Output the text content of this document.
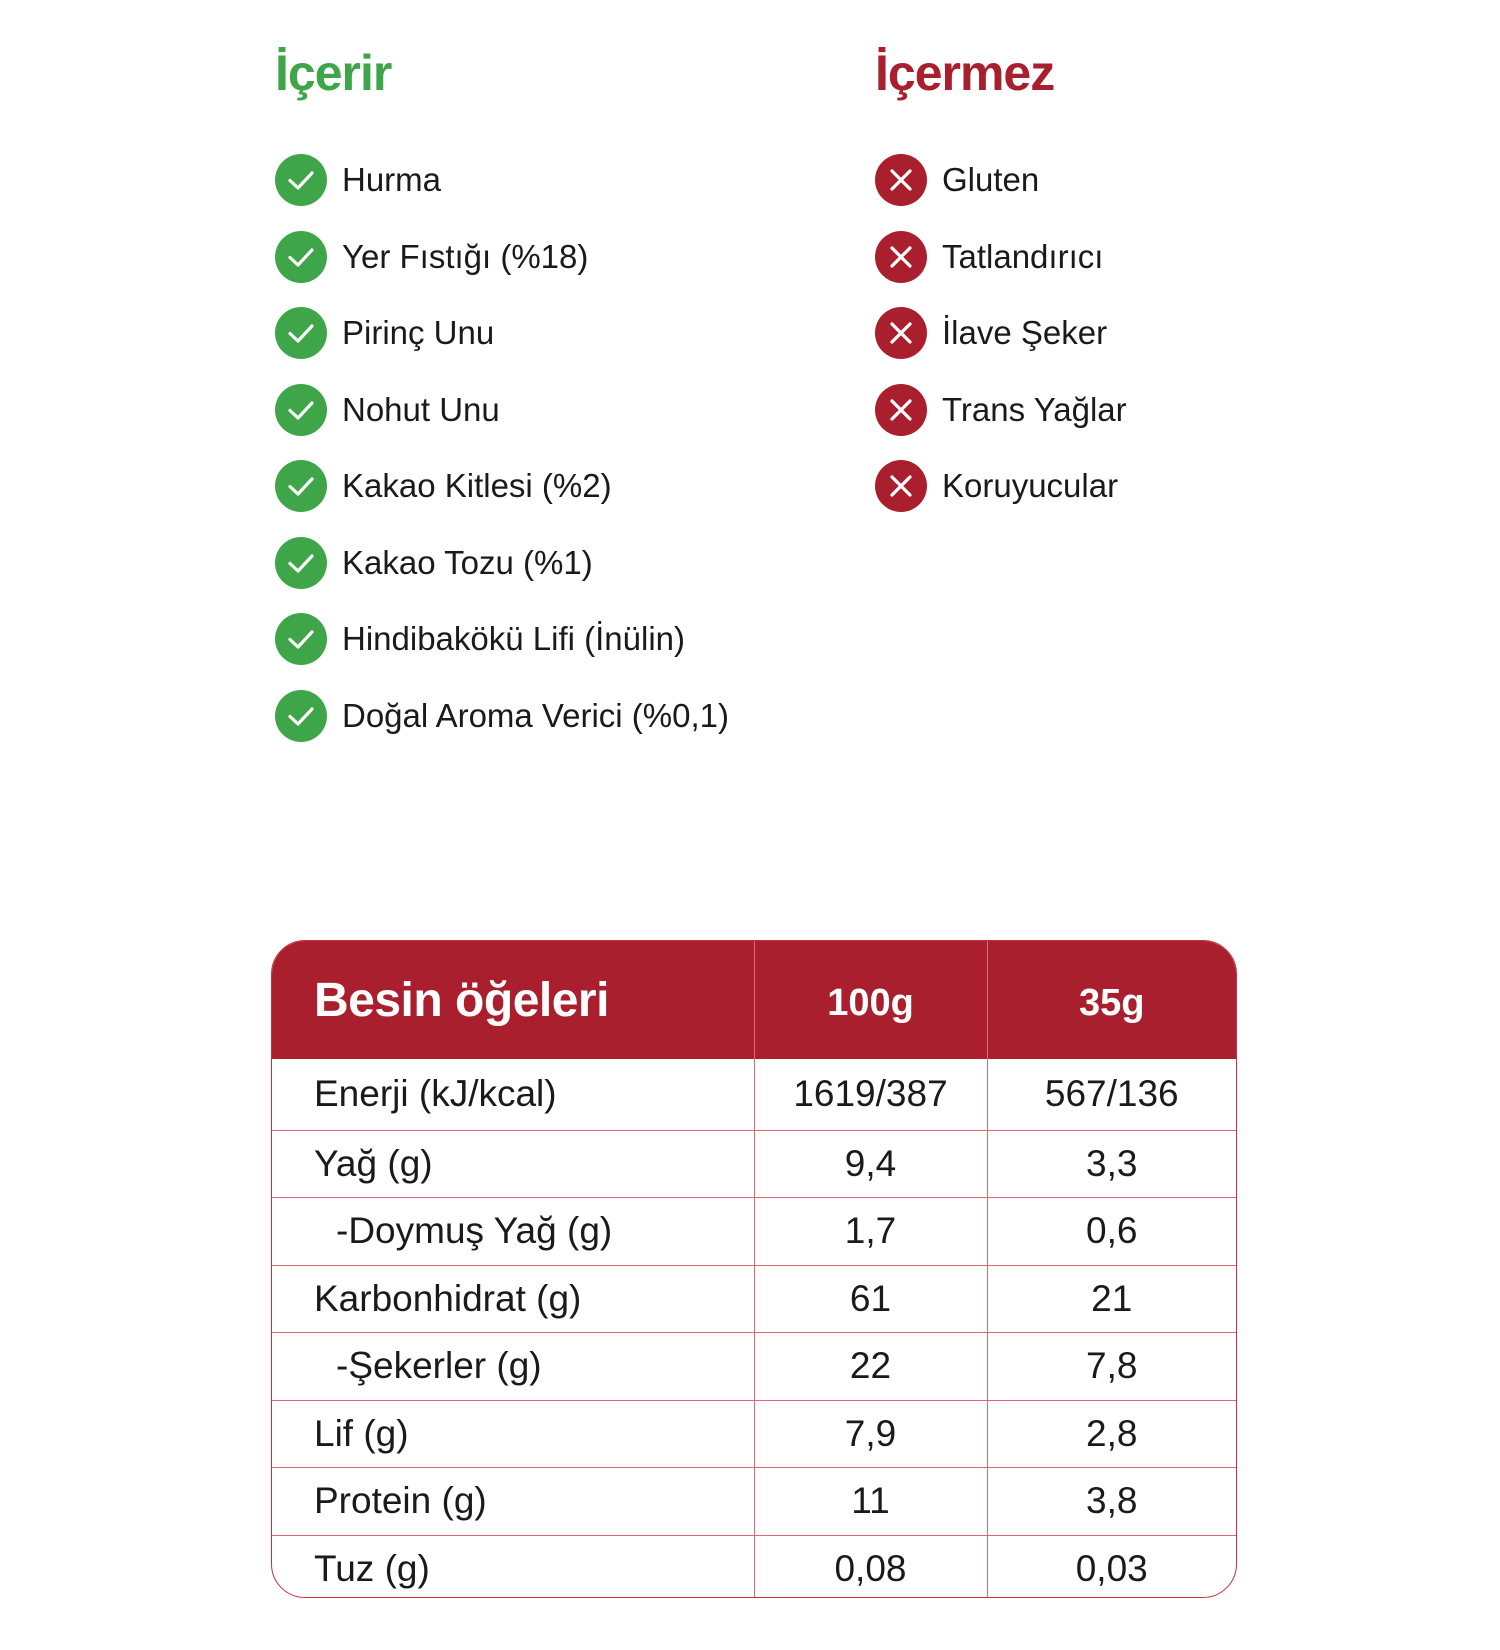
İçerir
Hurma
Yer Fıstığı (%18)
Pirinç Unu
Nohut Unu
Kakao Kitlesi (%2)
Kakao Tozu (%1)
Hindibakökü Lifi (İnülin)
Doğal Aroma Verici (%0,1)
İçermez
Gluten
Tatlandırıcı
İlave Şeker
Trans Yağlar
Koruyucular
Besin öğeleri	100g	35g
Enerji (kJ/kcal)	1619/387	567/136
Yağ (g)	9,4	3,3
-Doymuş Yağ (g)	1,7	0,6
Karbonhidrat (g)	61	21
-Şekerler (g)	22	7,8
Lif (g)	7,9	2,8
Protein (g)	11	3,8
Tuz (g)	0,08	0,03
